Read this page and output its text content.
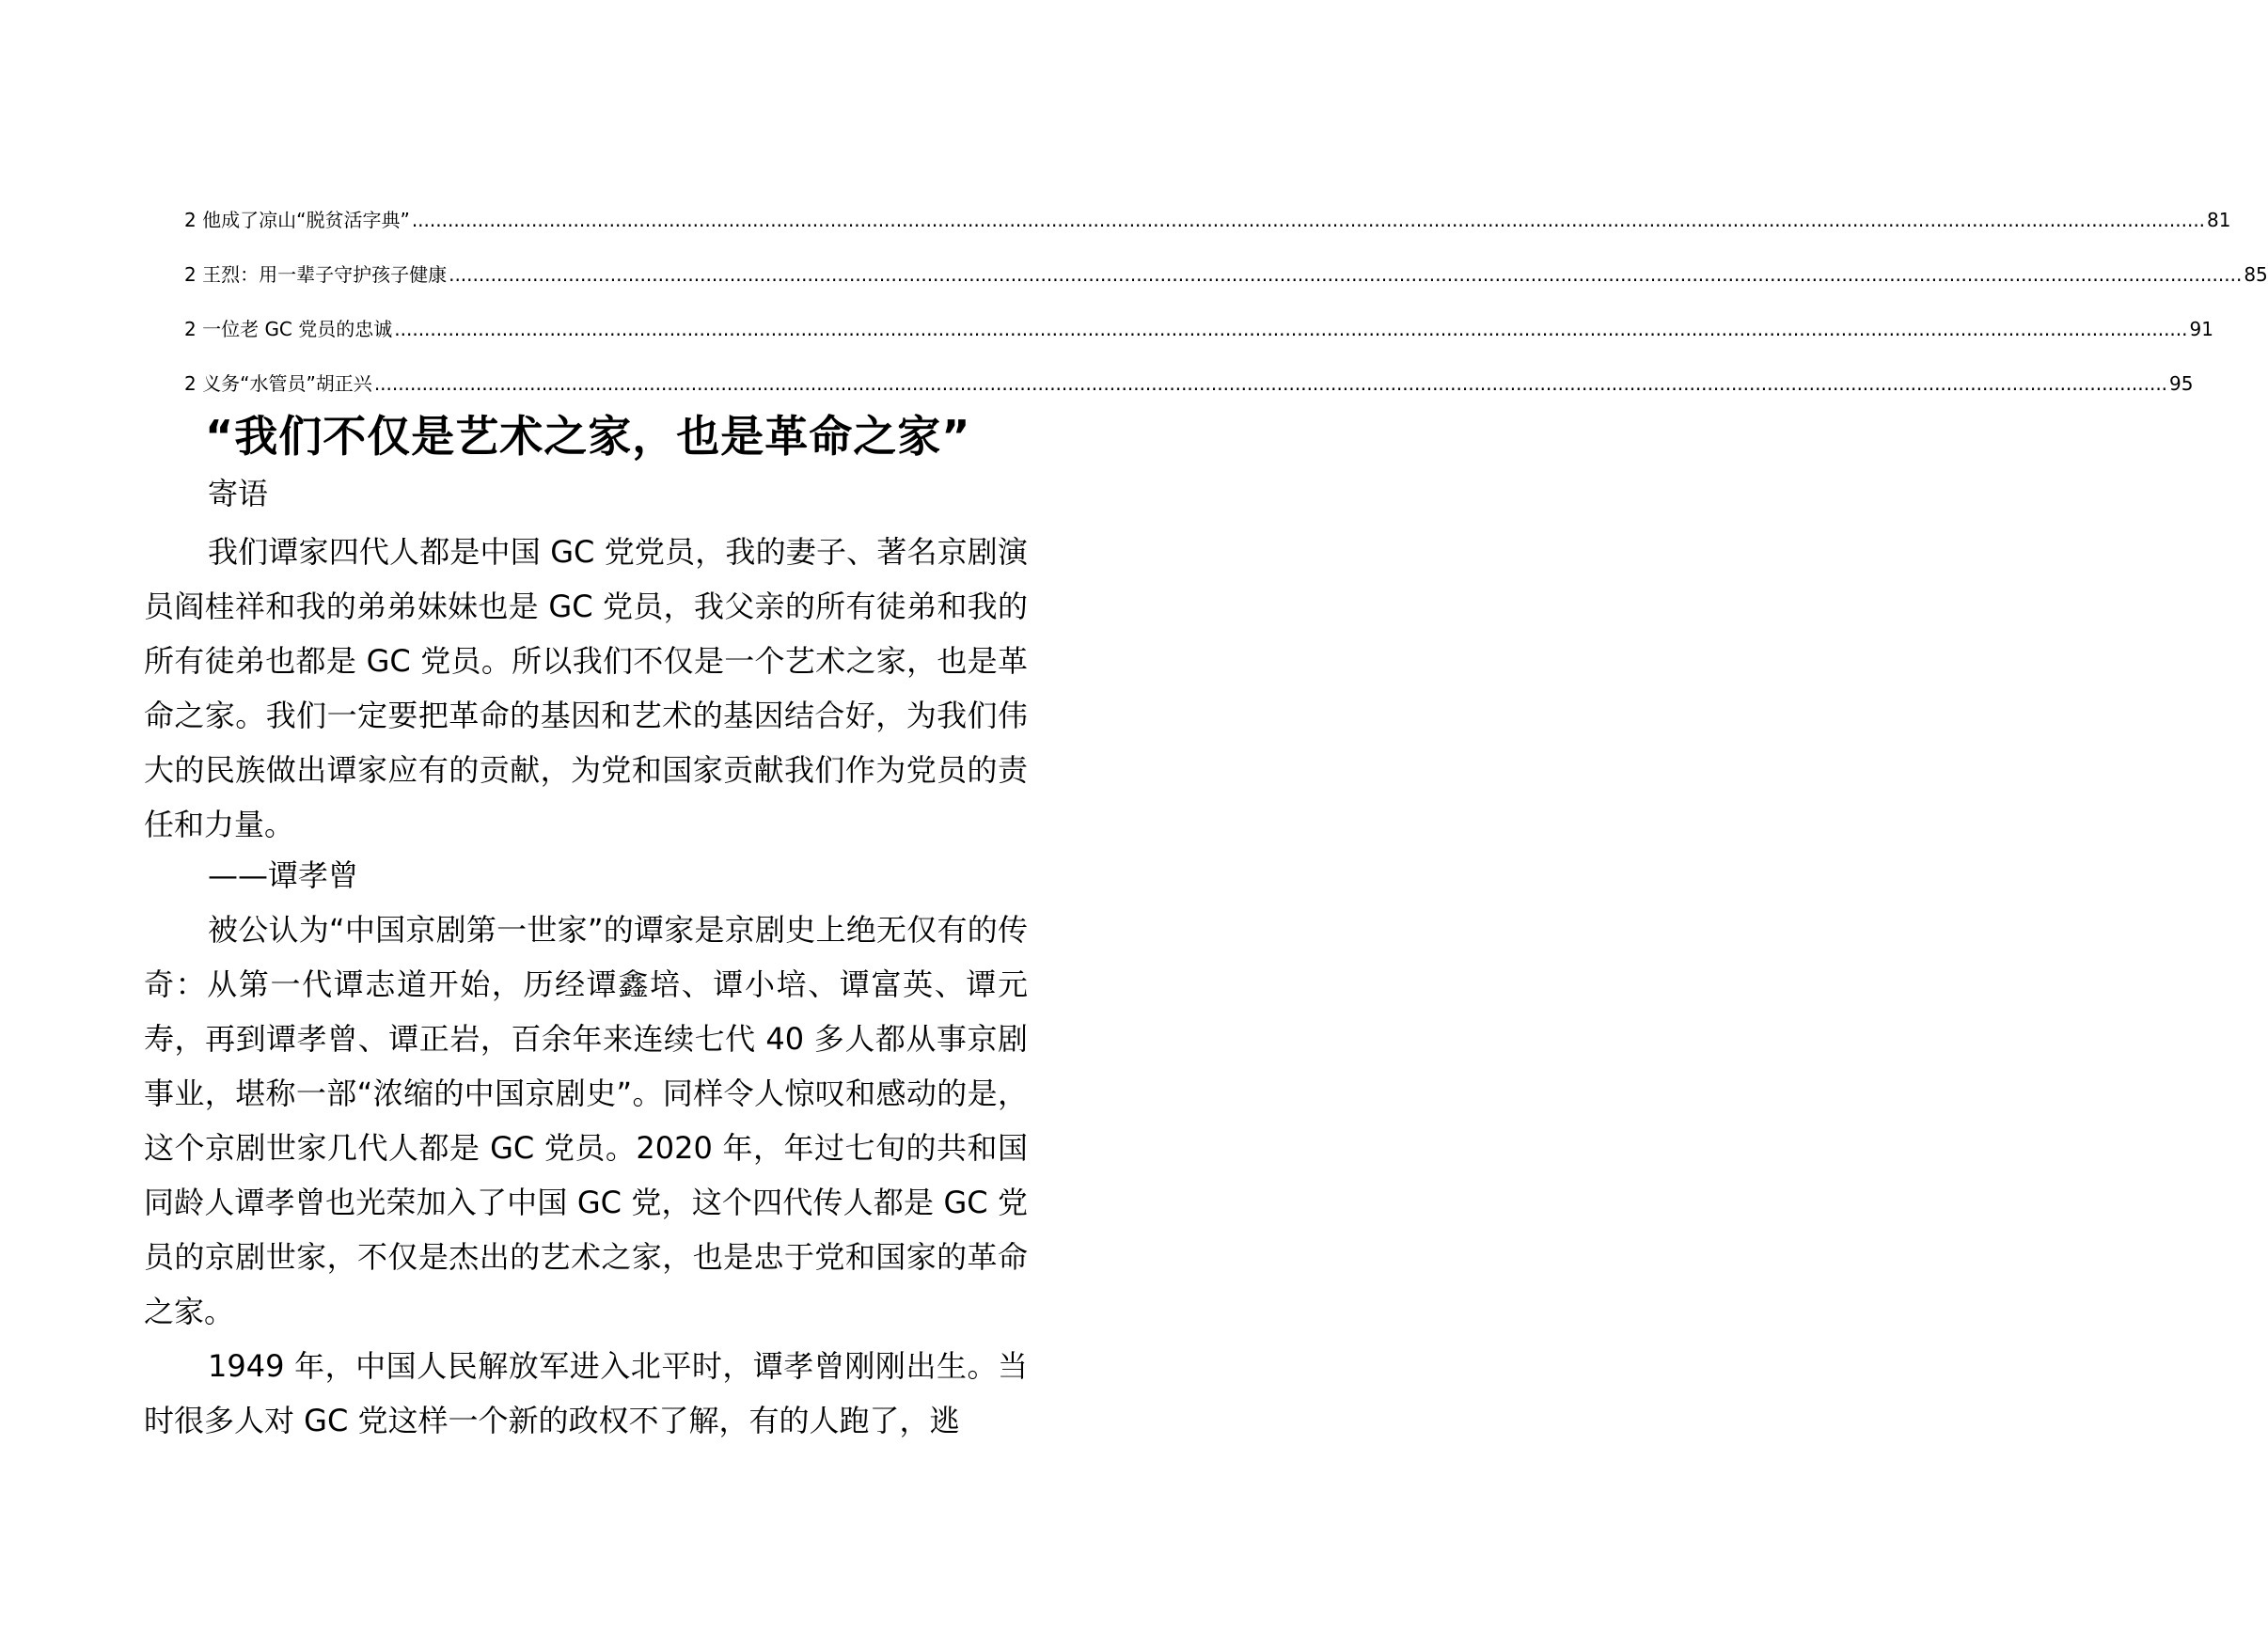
2 他成了凉山“脱贫活字典” ............................................................................................................................................................................................................................................................................................................ 81
2 王烈：用一辈子守护孩子健康 ............................................................................................................................................................................................................................................................................................................ 85
2 一位老 GC 党员的忠诚 ............................................................................................................................................................................................................................................................................................................ 91
2 义务“水管员”胡正兴 ............................................................................................................................................................................................................................................................................................................ 95
“我们不仅是艺术之家，也是革命之家”
寄语

我们谭家四代人都是中国 GC 党党员，我的妻子、著名京剧演员阎桂祥和我的弟弟妹妹也是 GC 党员，我父亲的所有徒弟和我的所有徒弟也都是 GC 党员。所以我们不仅是一个艺术之家，也是革命之家。我们一定要把革命的基因和艺术的基因结合好，为我们伟大的民族做出谭家应有的贡献，为党和国家贡献我们作为党员的责任和力量。

——谭孝曾

被公认为“中国京剧第一世家”的谭家是京剧史上绝无仅有的传奇：从第一代谭志道开始，历经谭鑫培、谭小培、谭富英、谭元寿，再到谭孝曾、谭正岩，百余年来连续七代 40 多人都从事京剧事业，堪称一部“浓缩的中国京剧史”。同样令人惊叹和感动的是，这个京剧世家几代人都是 GC 党员。2020 年，年过七旬的共和国同龄人谭孝曾也光荣加入了中国 GC 党，这个四代传人都是 GC 党员的京剧世家，不仅是杰出的艺术之家，也是忠于党和国家的革命之家。

1949 年，中国人民解放军进入北平时，谭孝曾刚刚出生。当时很多人对 GC 党这样一个新的政权不了解，有的人跑了，逃
